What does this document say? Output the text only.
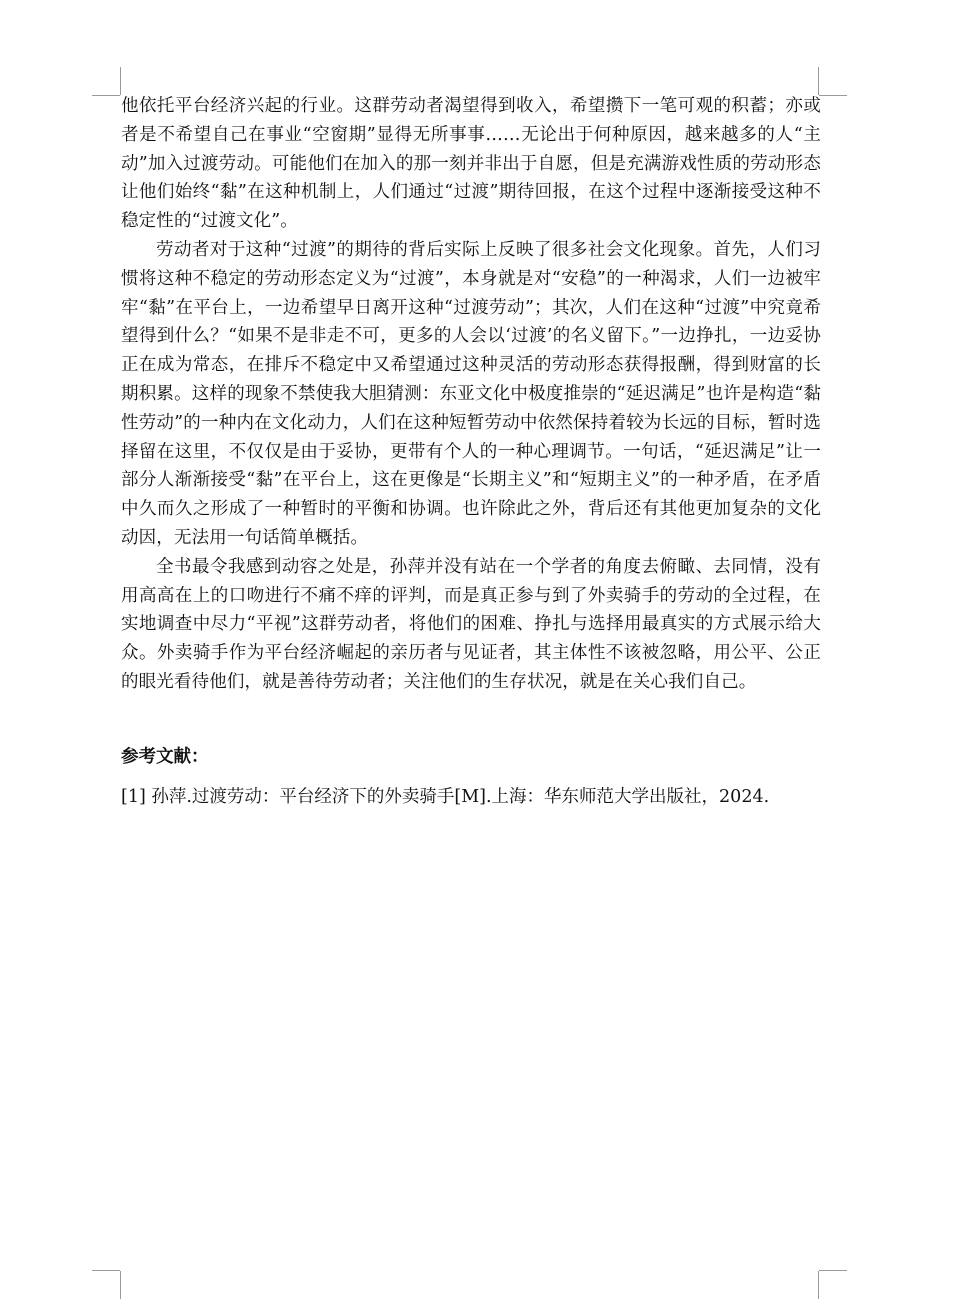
他依托平台经济兴起的行业。这群劳动者渴望得到收入，希望攒下一笔可观的积蓄；亦或者是不希望自己在事业“空窗期”显得无所事事……无论出于何种原因，越来越多的人“主动”加入过渡劳动。可能他们在加入的那一刻并非出于自愿，但是充满游戏性质的劳动形态让他们始终“黏”在这种机制上，人们通过“过渡”期待回报，在这个过程中逐渐接受这种不稳定性的“过渡文化”。

劳动者对于这种“过渡”的期待的背后实际上反映了很多社会文化现象。首先，人们习惯将这种不稳定的劳动形态定义为“过渡”，本身就是对“安稳”的一种渴求，人们一边被牢牢“黏”在平台上，一边希望早日离开这种“过渡劳动”；其次，人们在这种“过渡”中究竟希望得到什么？“如果不是非走不可，更多的人会以‘过渡’的名义留下。”一边挣扎，一边妥协正在成为常态，在排斥不稳定中又希望通过这种灵活的劳动形态获得报酬，得到财富的长期积累。这样的现象不禁使我大胆猜测：东亚文化中极度推崇的“延迟满足”也许是构造“黏性劳动”的一种内在文化动力，人们在这种短暂劳动中依然保持着较为长远的目标，暂时选择留在这里，不仅仅是由于妥协，更带有个人的一种心理调节。一句话，“延迟满足”让一部分人渐渐接受“黏”在平台上，这在更像是“长期主义”和“短期主义”的一种矛盾，在矛盾中久而久之形成了一种暂时的平衡和协调。也许除此之外，背后还有其他更加复杂的文化动因，无法用一句话简单概括。

全书最令我感到动容之处是，孙萍并没有站在一个学者的角度去俯瞰、去同情，没有用高高在上的口吻进行不痛不痒的评判，而是真正参与到了外卖骑手的劳动的全过程，在实地调查中尽力“平视”这群劳动者，将他们的困难、挣扎与选择用最真实的方式展示给大众。外卖骑手作为平台经济崛起的亲历者与见证者，其主体性不该被忽略，用公平、公正的眼光看待他们，就是善待劳动者；关注他们的生存状况，就是在关心我们自己。

参考文献：

[1] 孙萍.过渡劳动：平台经济下的外卖骑手[M].上海：华东师范大学出版社，2024.
